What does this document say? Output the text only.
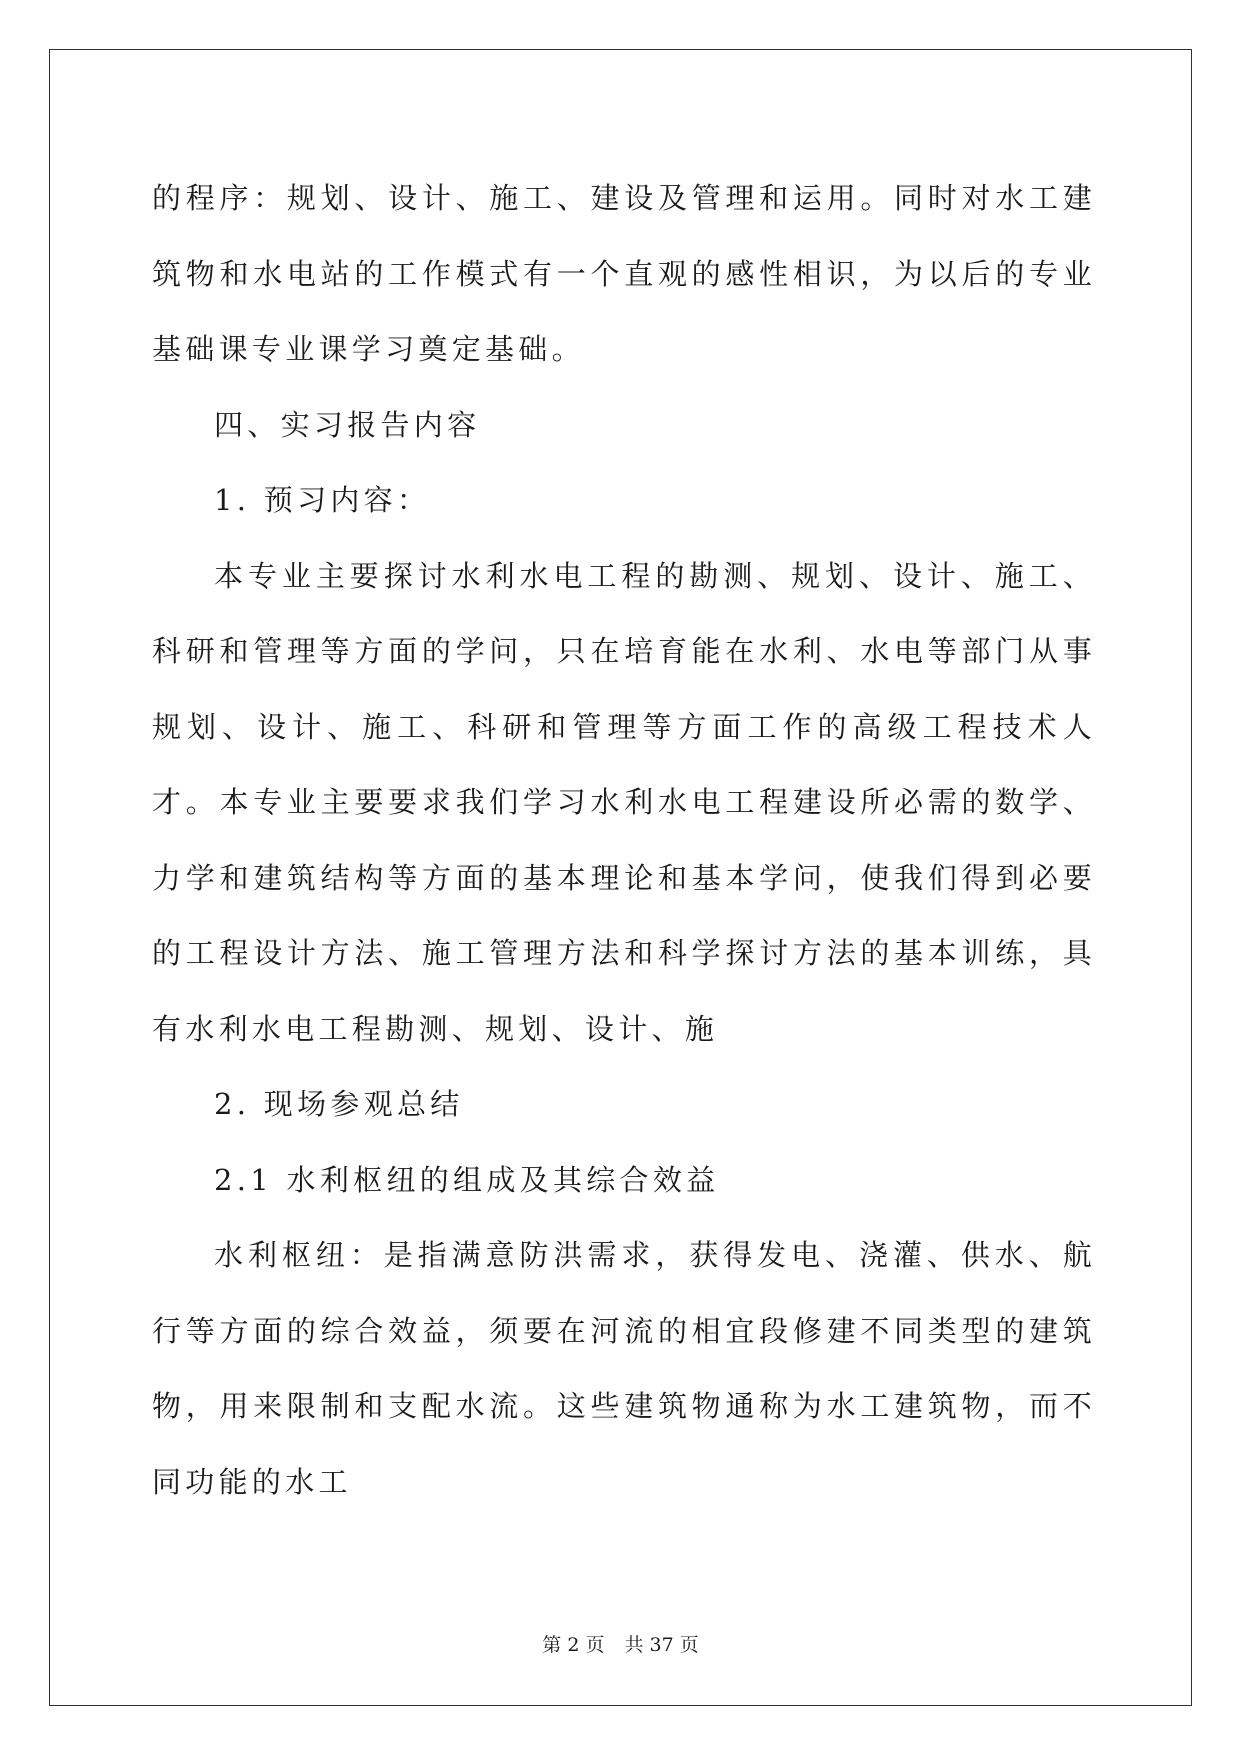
的程序：规划、设计、施工、建设及管理和运用。同时对水工建筑物和水电站的工作模式有一个直观的感性相识，为以后的专业基础课专业课学习奠定基础。

四、实习报告内容

1. 预习内容：

本专业主要探讨水利水电工程的勘测、规划、设计、施工、科研和管理等方面的学问，只在培育能在水利、水电等部门从事规划、设计、施工、科研和管理等方面工作的高级工程技术人才。本专业主要要求我们学习水利水电工程建设所必需的数学、力学和建筑结构等方面的基本理论和基本学问，使我们得到必要的工程设计方法、施工管理方法和科学探讨方法的基本训练，具有水利水电工程勘测、规划、设计、施

2. 现场参观总结

2.1 水利枢纽的组成及其综合效益

水利枢纽：是指满意防洪需求，获得发电、浇灌、供水、航行等方面的综合效益，须要在河流的相宜段修建不同类型的建筑物，用来限制和支配水流。这些建筑物通称为水工建筑物，而不同功能的水工

第 2 页 共 37 页
